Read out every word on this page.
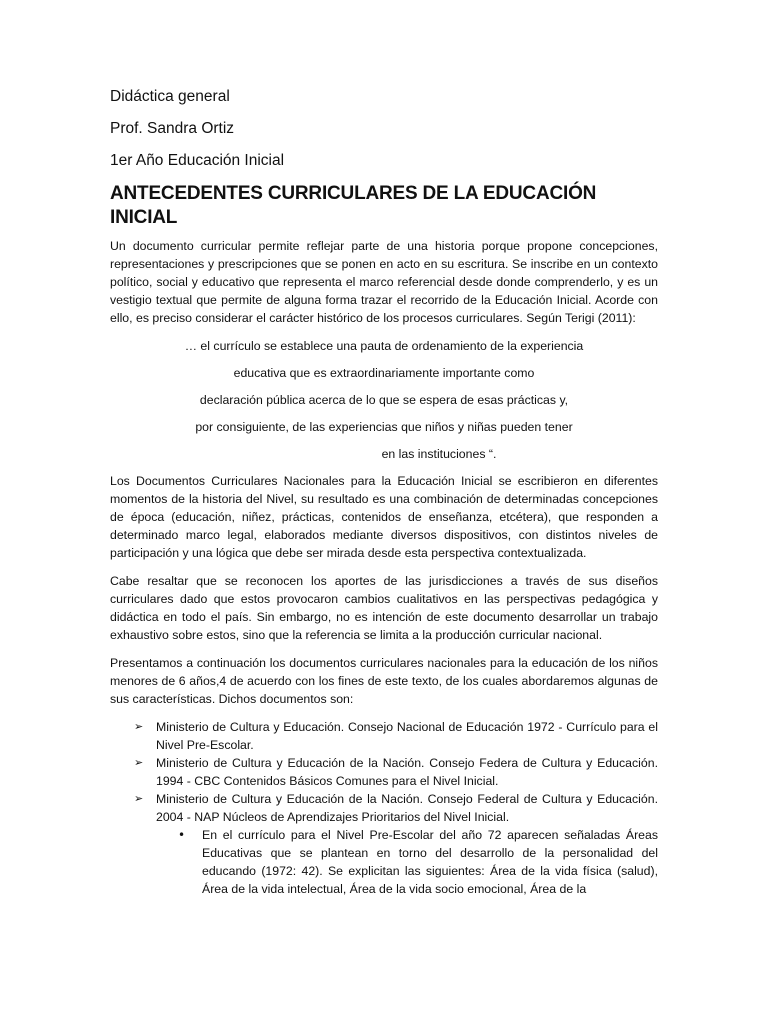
Didáctica general

Prof. Sandra Ortiz

1er Año Educación Inicial

ANTECEDENTES CURRICULARES DE LA EDUCACIÓN INICIAL

Un documento curricular permite reflejar parte de una historia porque propone concepciones, representaciones y prescripciones que se ponen en acto en su escritura. Se inscribe en un contexto político, social y educativo que representa el marco referencial desde donde comprenderlo, y es un vestigio textual que permite de alguna forma trazar el recorrido de la Educación Inicial. Acorde con ello, es preciso considerar el carácter histórico de los procesos curriculares. Según Terigi (2011):

… el currículo se establece una pauta de ordenamiento de la experiencia

educativa que es extraordinariamente importante como

declaración pública acerca de lo que se espera de esas prácticas y,

por consiguiente, de las experiencias que niños y niñas pueden tener

en las instituciones “.

Los Documentos Curriculares Nacionales para la Educación Inicial se escribieron en diferentes momentos de la historia del Nivel, su resultado es una combinación de determinadas concepciones de época (educación, niñez, prácticas, contenidos de enseñanza, etcétera), que responden a determinado marco legal, elaborados mediante diversos dispositivos, con distintos niveles de participación y una lógica que debe ser mirada desde esta perspectiva contextualizada.

Cabe resaltar que se reconocen los aportes de las jurisdicciones a través de sus diseños curriculares dado que estos provocaron cambios cualitativos en las perspectivas pedagógica y didáctica en todo el país. Sin embargo, no es intención de este documento desarrollar un trabajo exhaustivo sobre estos, sino que la referencia se limita a la producción curricular nacional.

Presentamos a continuación los documentos curriculares nacionales para la educación de los niños menores de 6 años,4 de acuerdo con los fines de este texto, de los cuales abordaremos algunas de sus características. Dichos documentos son:

➢ Ministerio de Cultura y Educación. Consejo Nacional de Educación 1972 - Currículo para el Nivel Pre-Escolar.
➢ Ministerio de Cultura y Educación de la Nación. Consejo Federa de Cultura y Educación. 1994 - CBC Contenidos Básicos Comunes para el Nivel Inicial.
➢ Ministerio de Cultura y Educación de la Nación. Consejo Federal de Cultura y Educación. 2004 - NAP Núcleos de Aprendizajes Prioritarios del Nivel Inicial.
• En el currículo para el Nivel Pre-Escolar del año 72 aparecen señaladas Áreas Educativas que se plantean en torno del desarrollo de la personalidad del educando (1972: 42). Se explicitan las siguientes: Área de la vida física (salud), Área de la vida intelectual, Área de la vida socio emocional, Área de la
